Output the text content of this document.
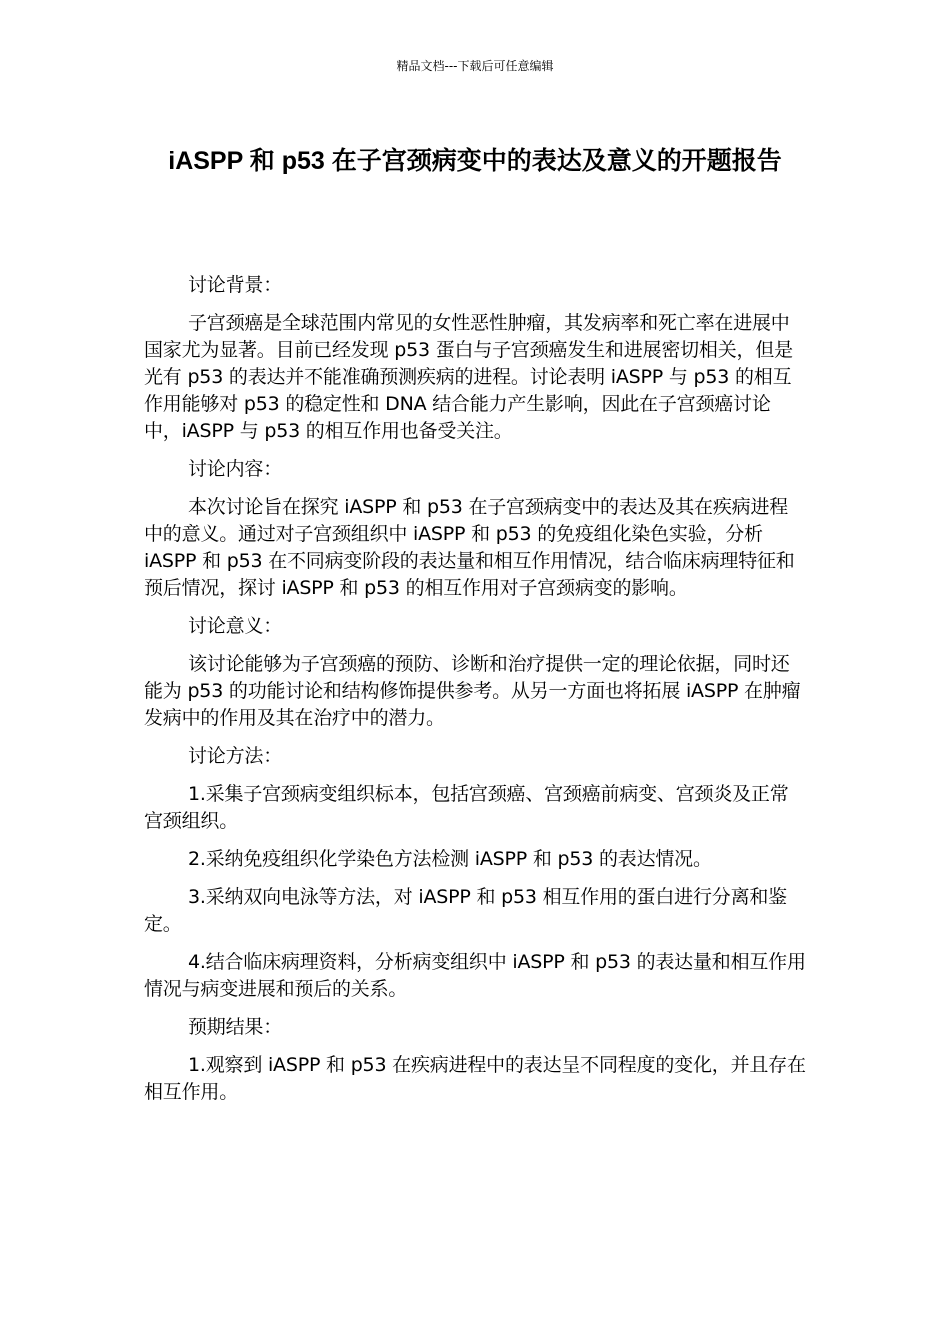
精品文档---下载后可任意编辑
iASPP 和 p53 在子宫颈病变中的表达及意义的开题报告

讨论背景：

子宫颈癌是全球范围内常见的女性恶性肿瘤，其发病率和死亡率在进展中国家尤为显著。目前已经发现 p53 蛋白与子宫颈癌发生和进展密切相关，但是光有 p53 的表达并不能准确预测疾病的进程。讨论表明 iASPP 与 p53 的相互作用能够对 p53 的稳定性和 DNA 结合能力产生影响，因此在子宫颈癌讨论中，iASPP 与 p53 的相互作用也备受关注。

讨论内容：

本次讨论旨在探究 iASPP 和 p53 在子宫颈病变中的表达及其在疾病进程中的意义。通过对子宫颈组织中 iASPP 和 p53 的免疫组化染色实验，分析 iASPP 和 p53 在不同病变阶段的表达量和相互作用情况，结合临床病理特征和预后情况，探讨 iASPP 和 p53 的相互作用对子宫颈病变的影响。

讨论意义：

该讨论能够为子宫颈癌的预防、诊断和治疗提供一定的理论依据，同时还能为 p53 的功能讨论和结构修饰提供参考。从另一方面也将拓展 iASPP 在肿瘤发病中的作用及其在治疗中的潜力。

讨论方法：

1.采集子宫颈病变组织标本，包括宫颈癌、宫颈癌前病变、宫颈炎及正常宫颈组织。

2.采纳免疫组织化学染色方法检测 iASPP 和 p53 的表达情况。

3.采纳双向电泳等方法，对 iASPP 和 p53 相互作用的蛋白进行分离和鉴定。

4.结合临床病理资料，分析病变组织中 iASPP 和 p53 的表达量和相互作用情况与病变进展和预后的关系。

预期结果：

1.观察到 iASPP 和 p53 在疾病进程中的表达呈不同程度的变化，并且存在相互作用。
